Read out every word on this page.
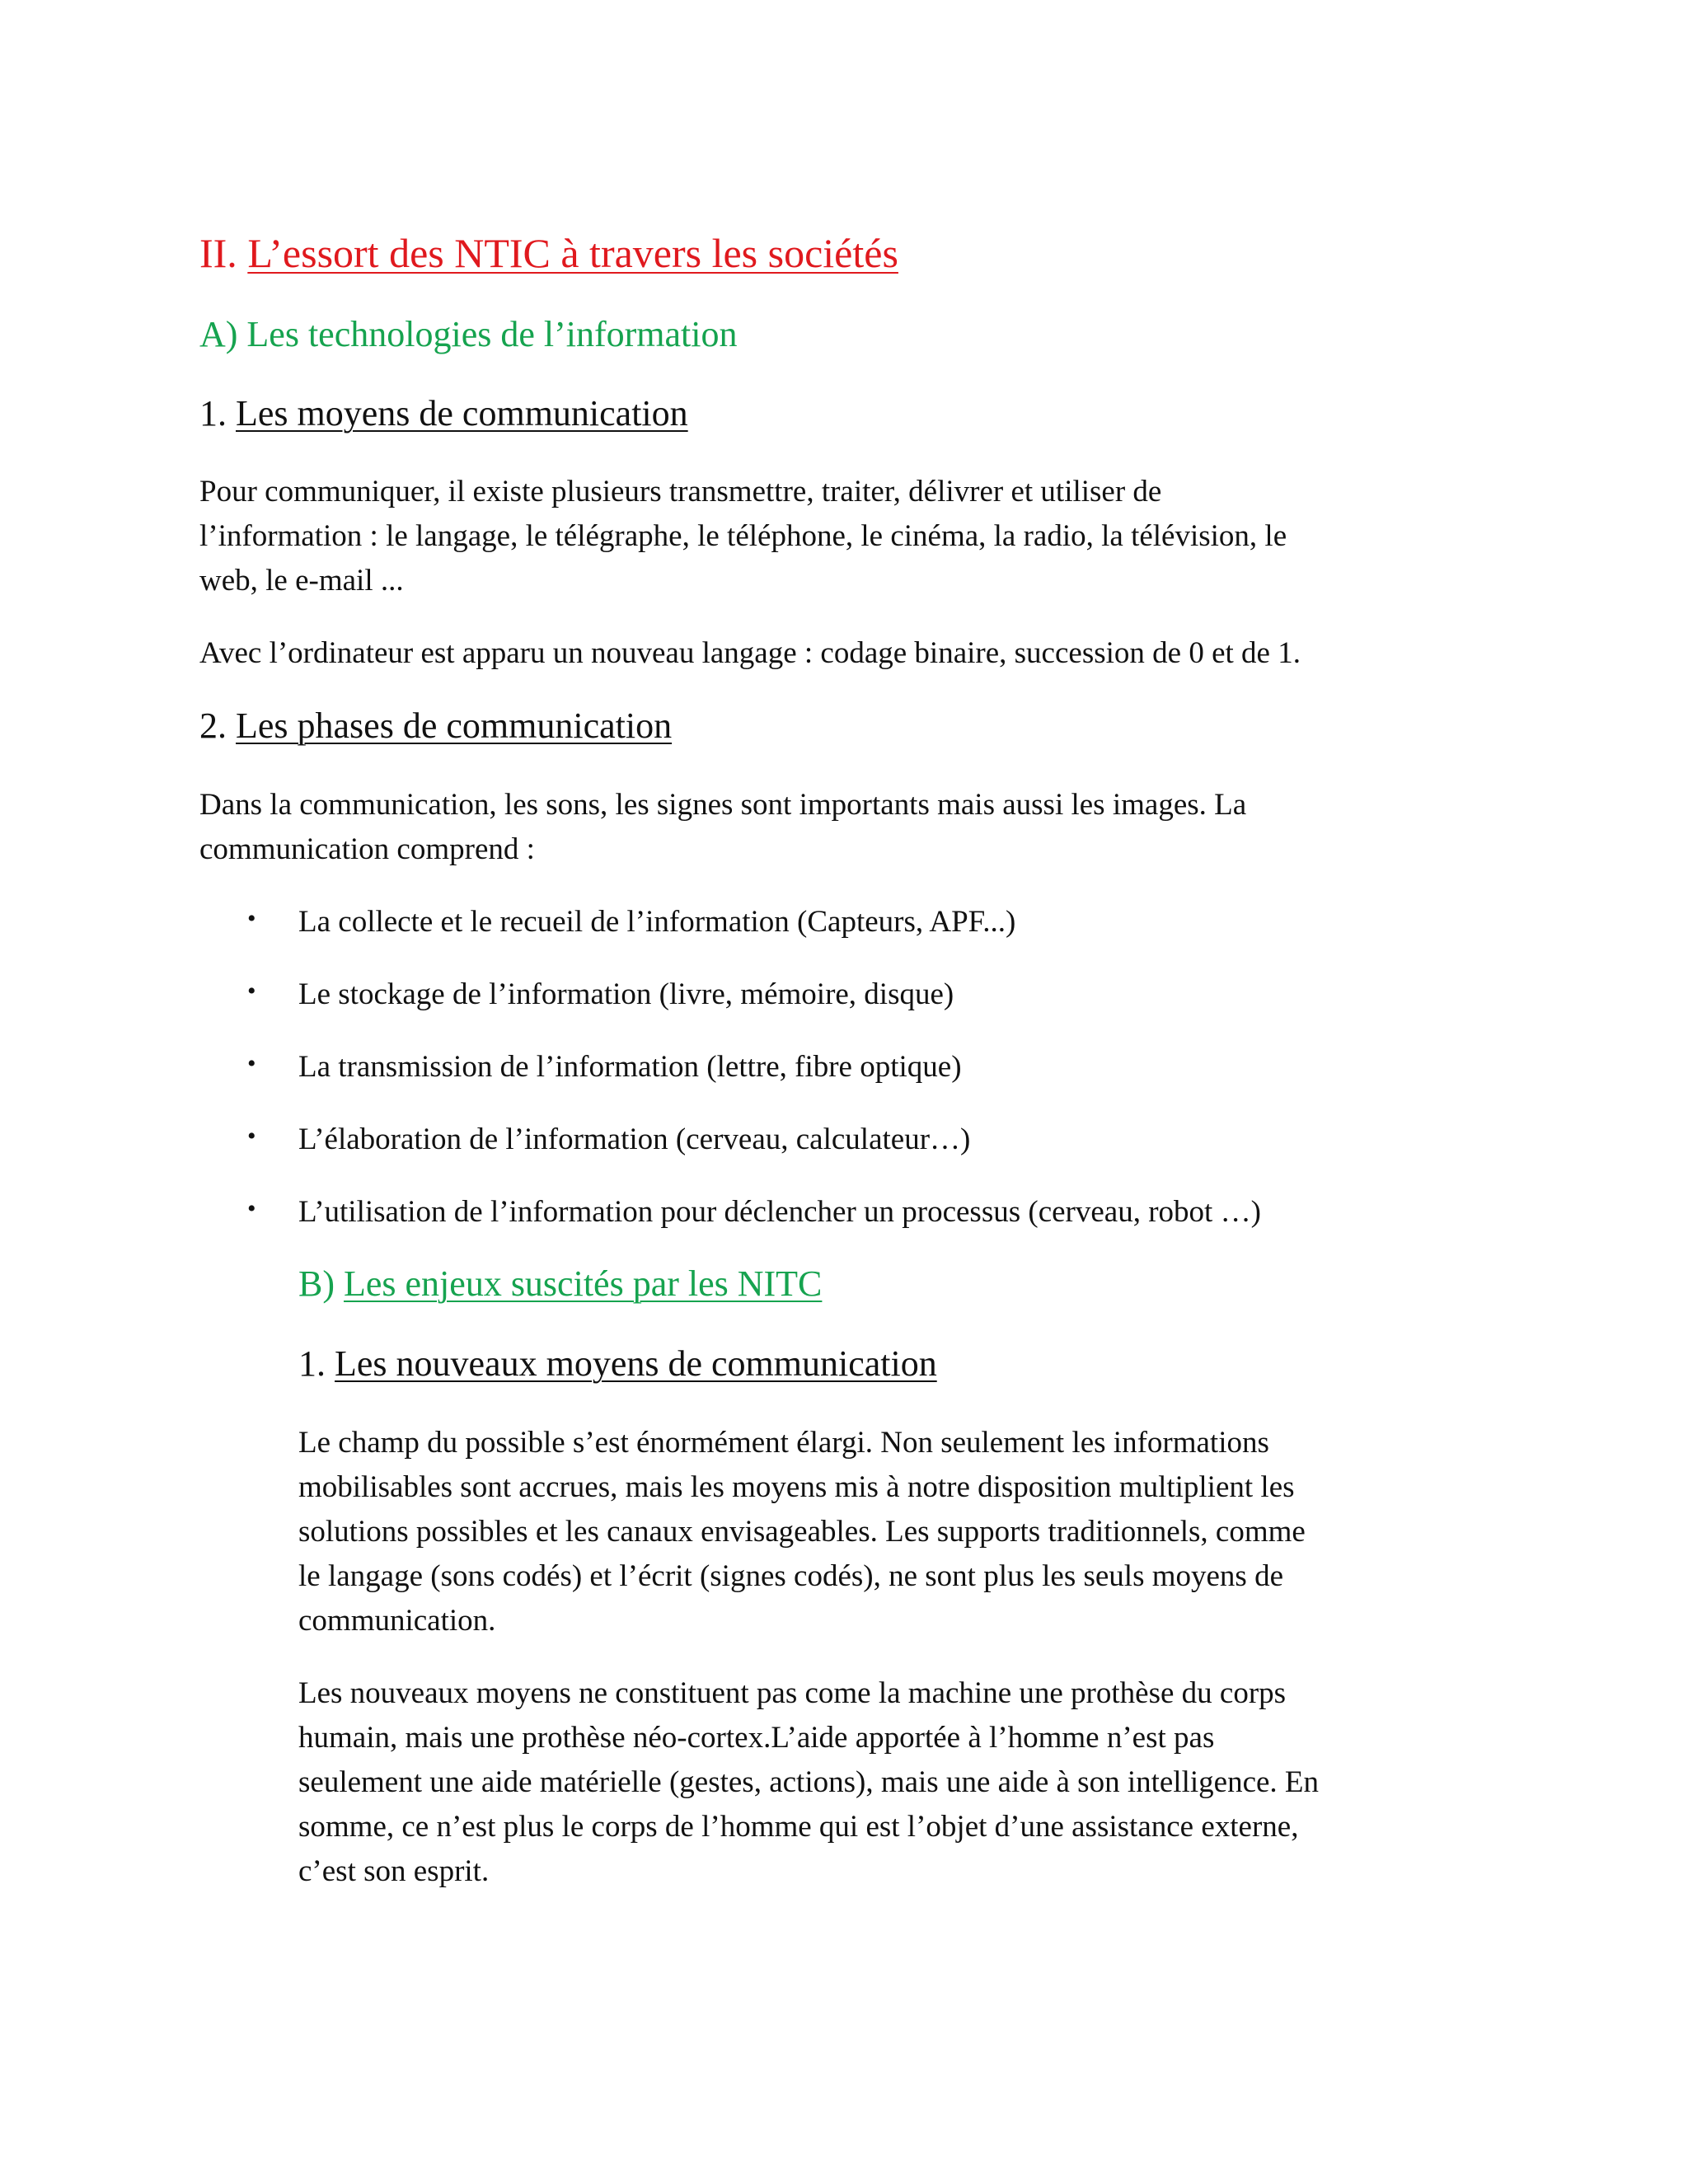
II. L’essort des NTIC à travers les sociétés
A) Les technologies de l’information
1. Les moyens de communication
Pour communiquer, il existe plusieurs transmettre, traiter, délivrer et utiliser de
l’information : le langage, le télégraphe, le téléphone, le cinéma, la radio, la télévision, le
web, le e-mail ...
Avec l’ordinateur est apparu un nouveau langage : codage binaire, succession de 0 et de 1.
2. Les phases de communication
Dans la communication, les sons, les signes sont importants mais aussi les images. La
communication comprend :
• La collecte et le recueil de l’information (Capteurs, APF...)
• Le stockage de l’information (livre, mémoire, disque)
• La transmission de l’information (lettre, fibre optique)
• L’élaboration de l’information (cerveau, calculateur…)
• L’utilisation de l’information pour déclencher un processus (cerveau, robot …)
B) Les enjeux suscités par les NITC
1. Les nouveaux moyens de communication
Le champ du possible s’est énormément élargi. Non seulement les informations
mobilisables sont accrues, mais les moyens mis à notre disposition multiplient les
solutions possibles et les canaux envisageables. Les supports traditionnels, comme
le langage (sons codés) et l’écrit (signes codés), ne sont plus les seuls moyens de
communication.
Les nouveaux moyens ne constituent pas come la machine une prothèse du corps
humain, mais une prothèse néo-cortex.L’aide apportée à l’homme n’est pas
seulement une aide matérielle (gestes, actions), mais une aide à son intelligence. En
somme, ce n’est plus le corps de l’homme qui est l’objet d’une assistance externe,
c’est son esprit.
